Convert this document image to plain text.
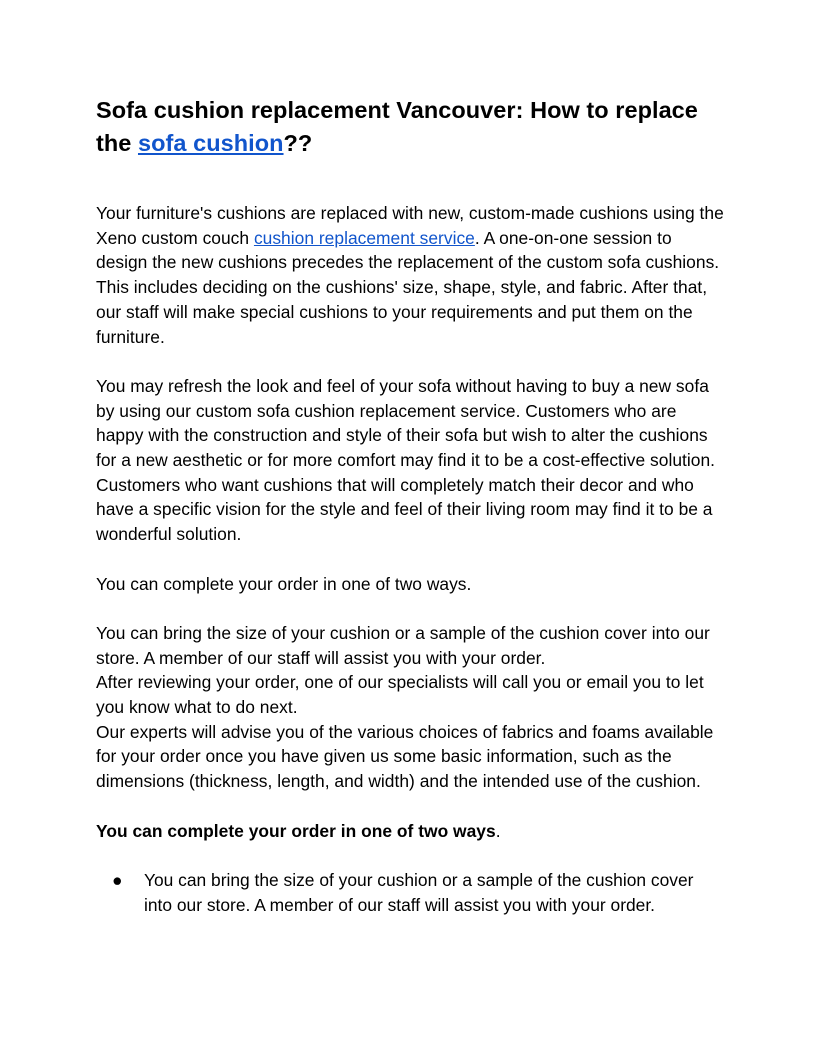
Sofa cushion replacement Vancouver: How to replace the sofa cushion??

Your furniture's cushions are replaced with new, custom-made cushions using the Xeno custom couch cushion replacement service. A one-on-one session to design the new cushions precedes the replacement of the custom sofa cushions. This includes deciding on the cushions' size, shape, style, and fabric. After that, our staff will make special cushions to your requirements and put them on the furniture.

You may refresh the look and feel of your sofa without having to buy a new sofa by using our custom sofa cushion replacement service. Customers who are happy with the construction and style of their sofa but wish to alter the cushions for a new aesthetic or for more comfort may find it to be a cost-effective solution. Customers who want cushions that will completely match their decor and who have a specific vision for the style and feel of their living room may find it to be a wonderful solution.

You can complete your order in one of two ways.

You can bring the size of your cushion or a sample of the cushion cover into our store. A member of our staff will assist you with your order.

After reviewing your order, one of our specialists will call you or email you to let you know what to do next.

Our experts will advise you of the various choices of fabrics and foams available for your order once you have given us some basic information, such as the dimensions (thickness, length, and width) and the intended use of the cushion.

You can complete your order in one of two ways.

● You can bring the size of your cushion or a sample of the cushion cover into our store. A member of our staff will assist you with your order.
